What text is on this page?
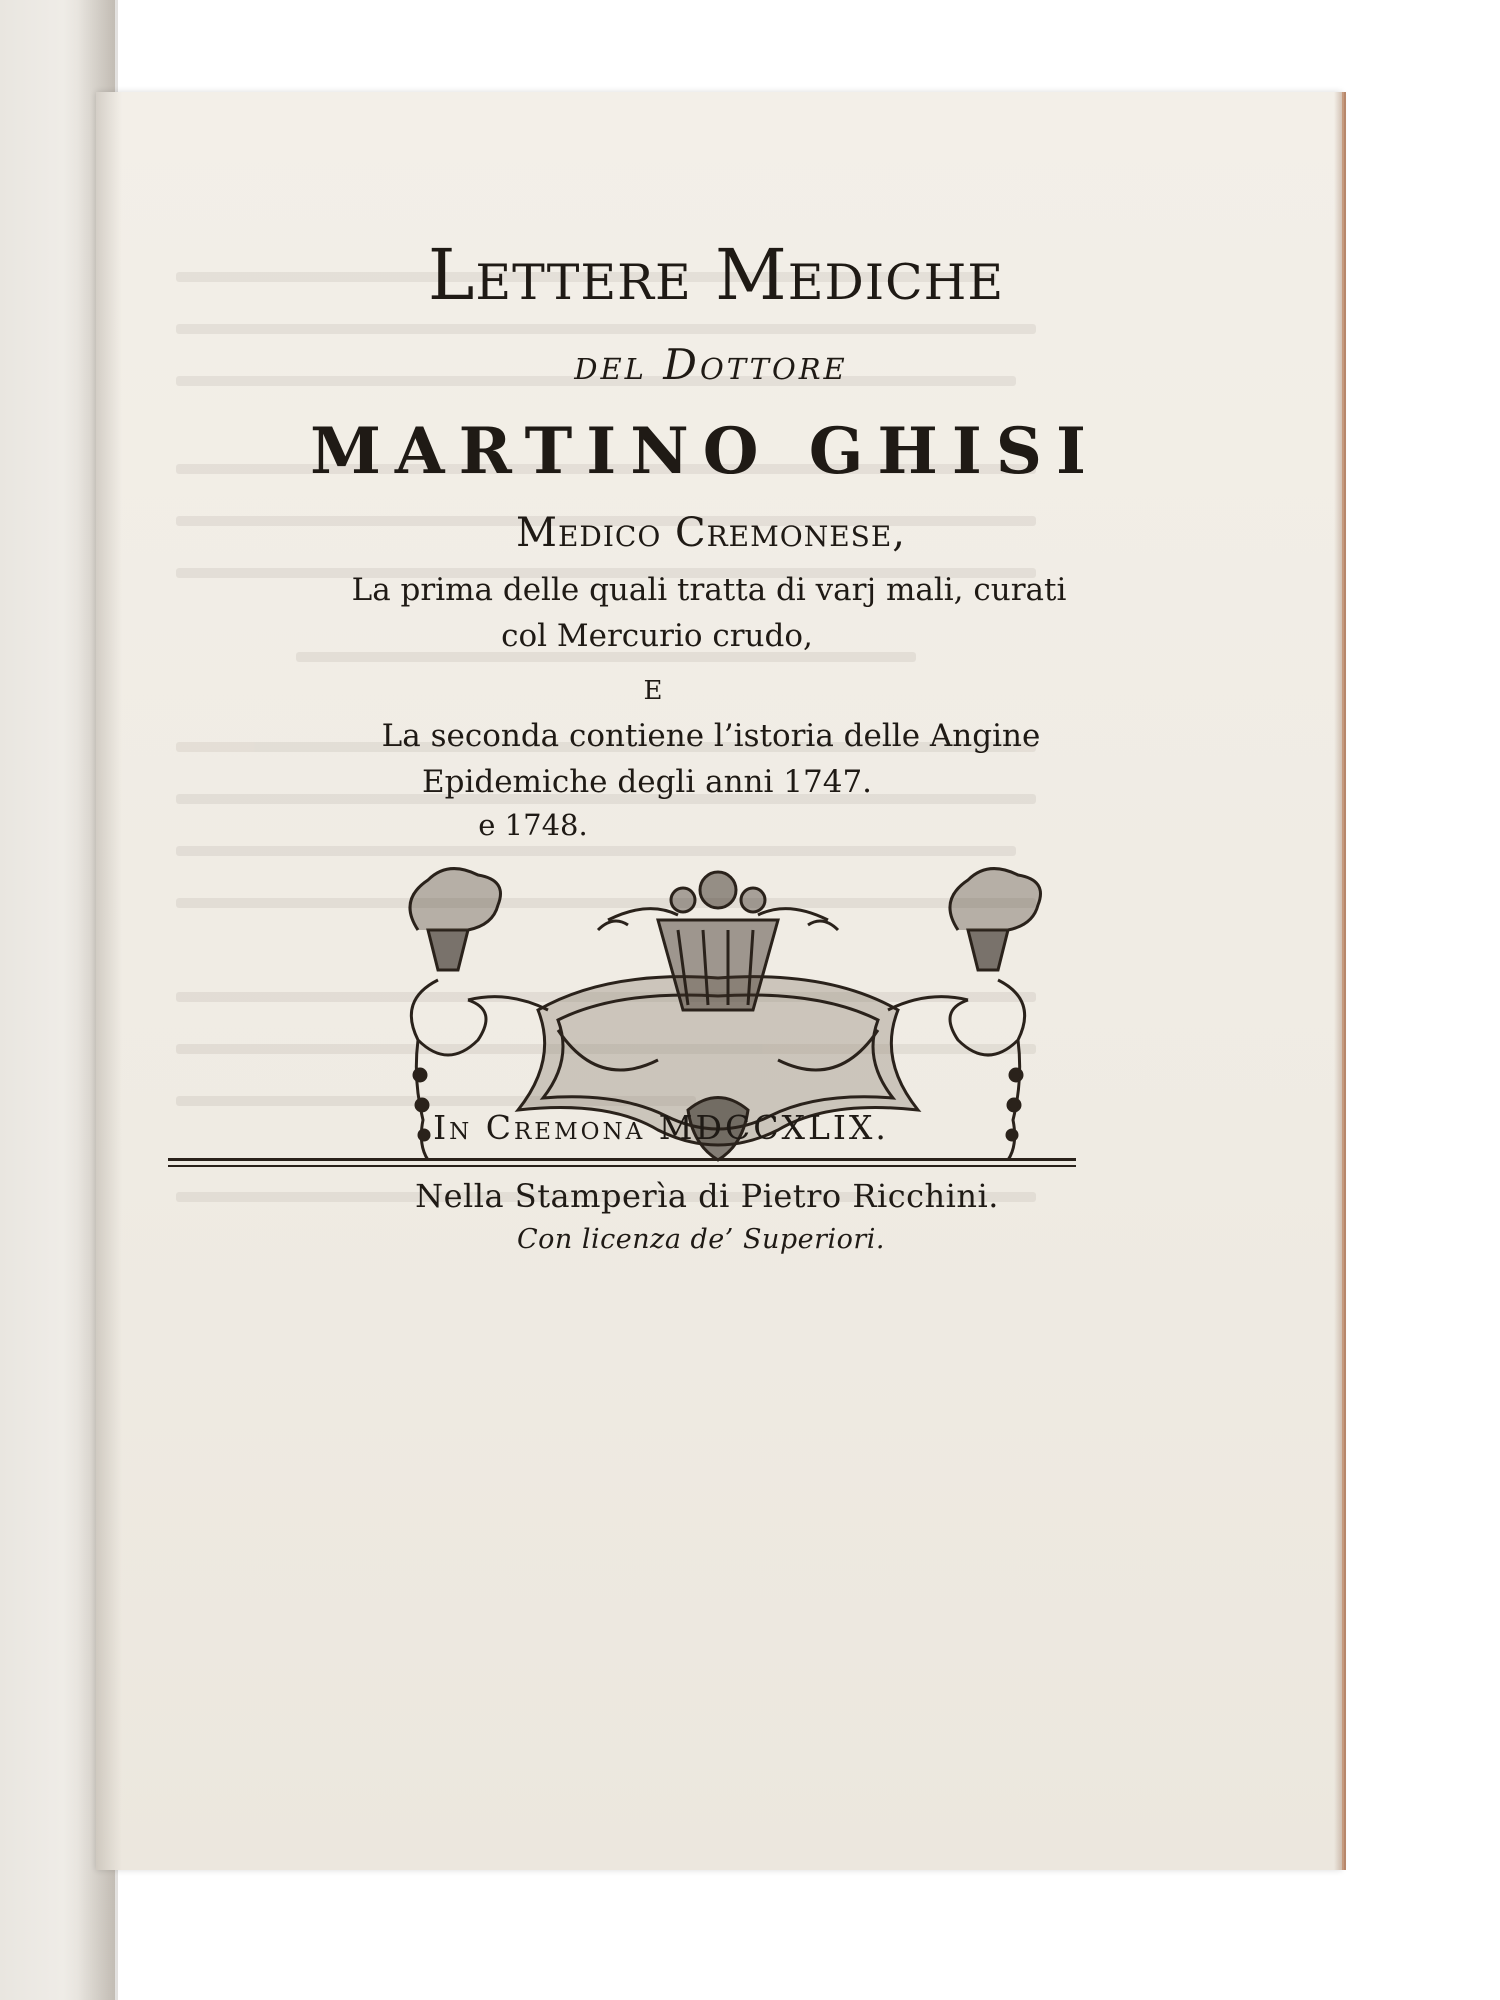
Lettere Mediche
del Dottore
MARTINO GHISI
Medico Cremonese,
La prima delle quali tratta di varj mali, curati
col Mercurio crudo,
E
La seconda contiene l’istoria delle Angine
Epidemiche degli anni 1747.
e 1748.
In Cremona MDCCXLIX.
Nella Stamperìa di Pietro Ricchini.
Con licenza de’ Superiori.
